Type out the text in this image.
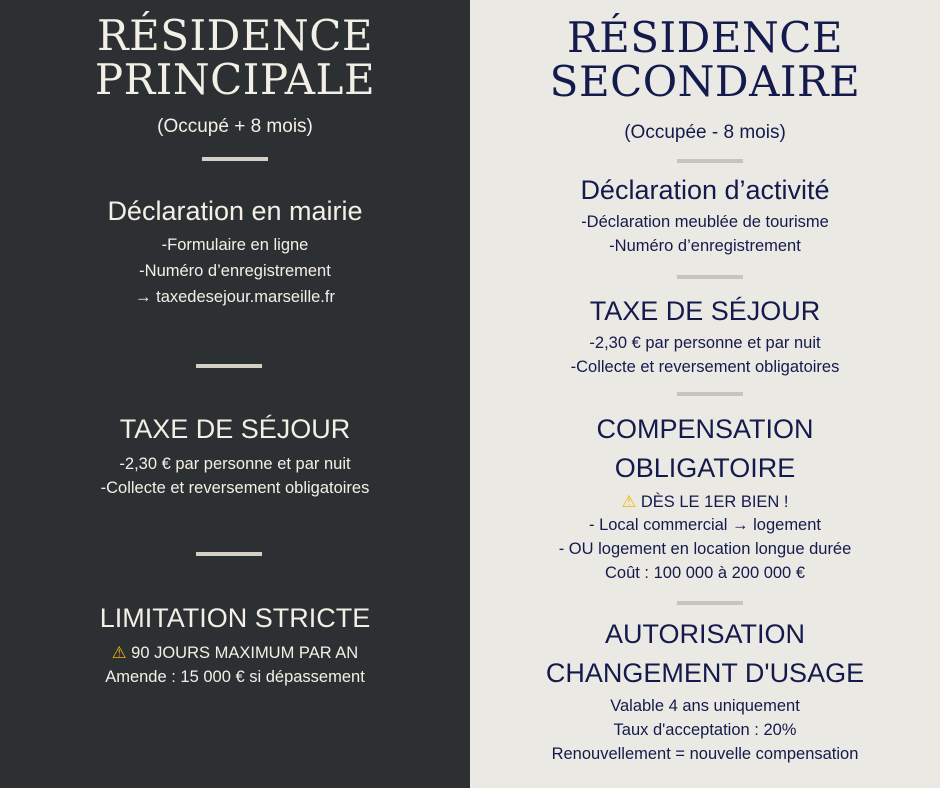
RÉSIDENCE
PRINCIPALE
(Occupé + 8 mois)
Déclaration en mairie
-Formulaire en ligne
-Numéro d’enregistrement
→ taxedesejour.marseille.fr
TAXE DE SÉJOUR
-2,30 € par personne et par nuit
-Collecte et reversement obligatoires
LIMITATION STRICTE
⚠ 90 JOURS MAXIMUM PAR AN
Amende : 15 000 € si dépassement
RÉSIDENCE
SECONDAIRE
(Occupée - 8 mois)
Déclaration d’activité
-Déclaration meublée de tourisme
-Numéro d’enregistrement
TAXE DE SÉJOUR
-2,30 € par personne et par nuit
-Collecte et reversement obligatoires
COMPENSATION
OBLIGATOIRE
⚠ DÈS LE 1ER BIEN !
- Local commercial → logement
- OU logement en location longue durée
Coût : 100 000 à 200 000 €
AUTORISATION
CHANGEMENT D'USAGE
Valable 4 ans uniquement
Taux d'acceptation : 20%
Renouvellement = nouvelle compensation
